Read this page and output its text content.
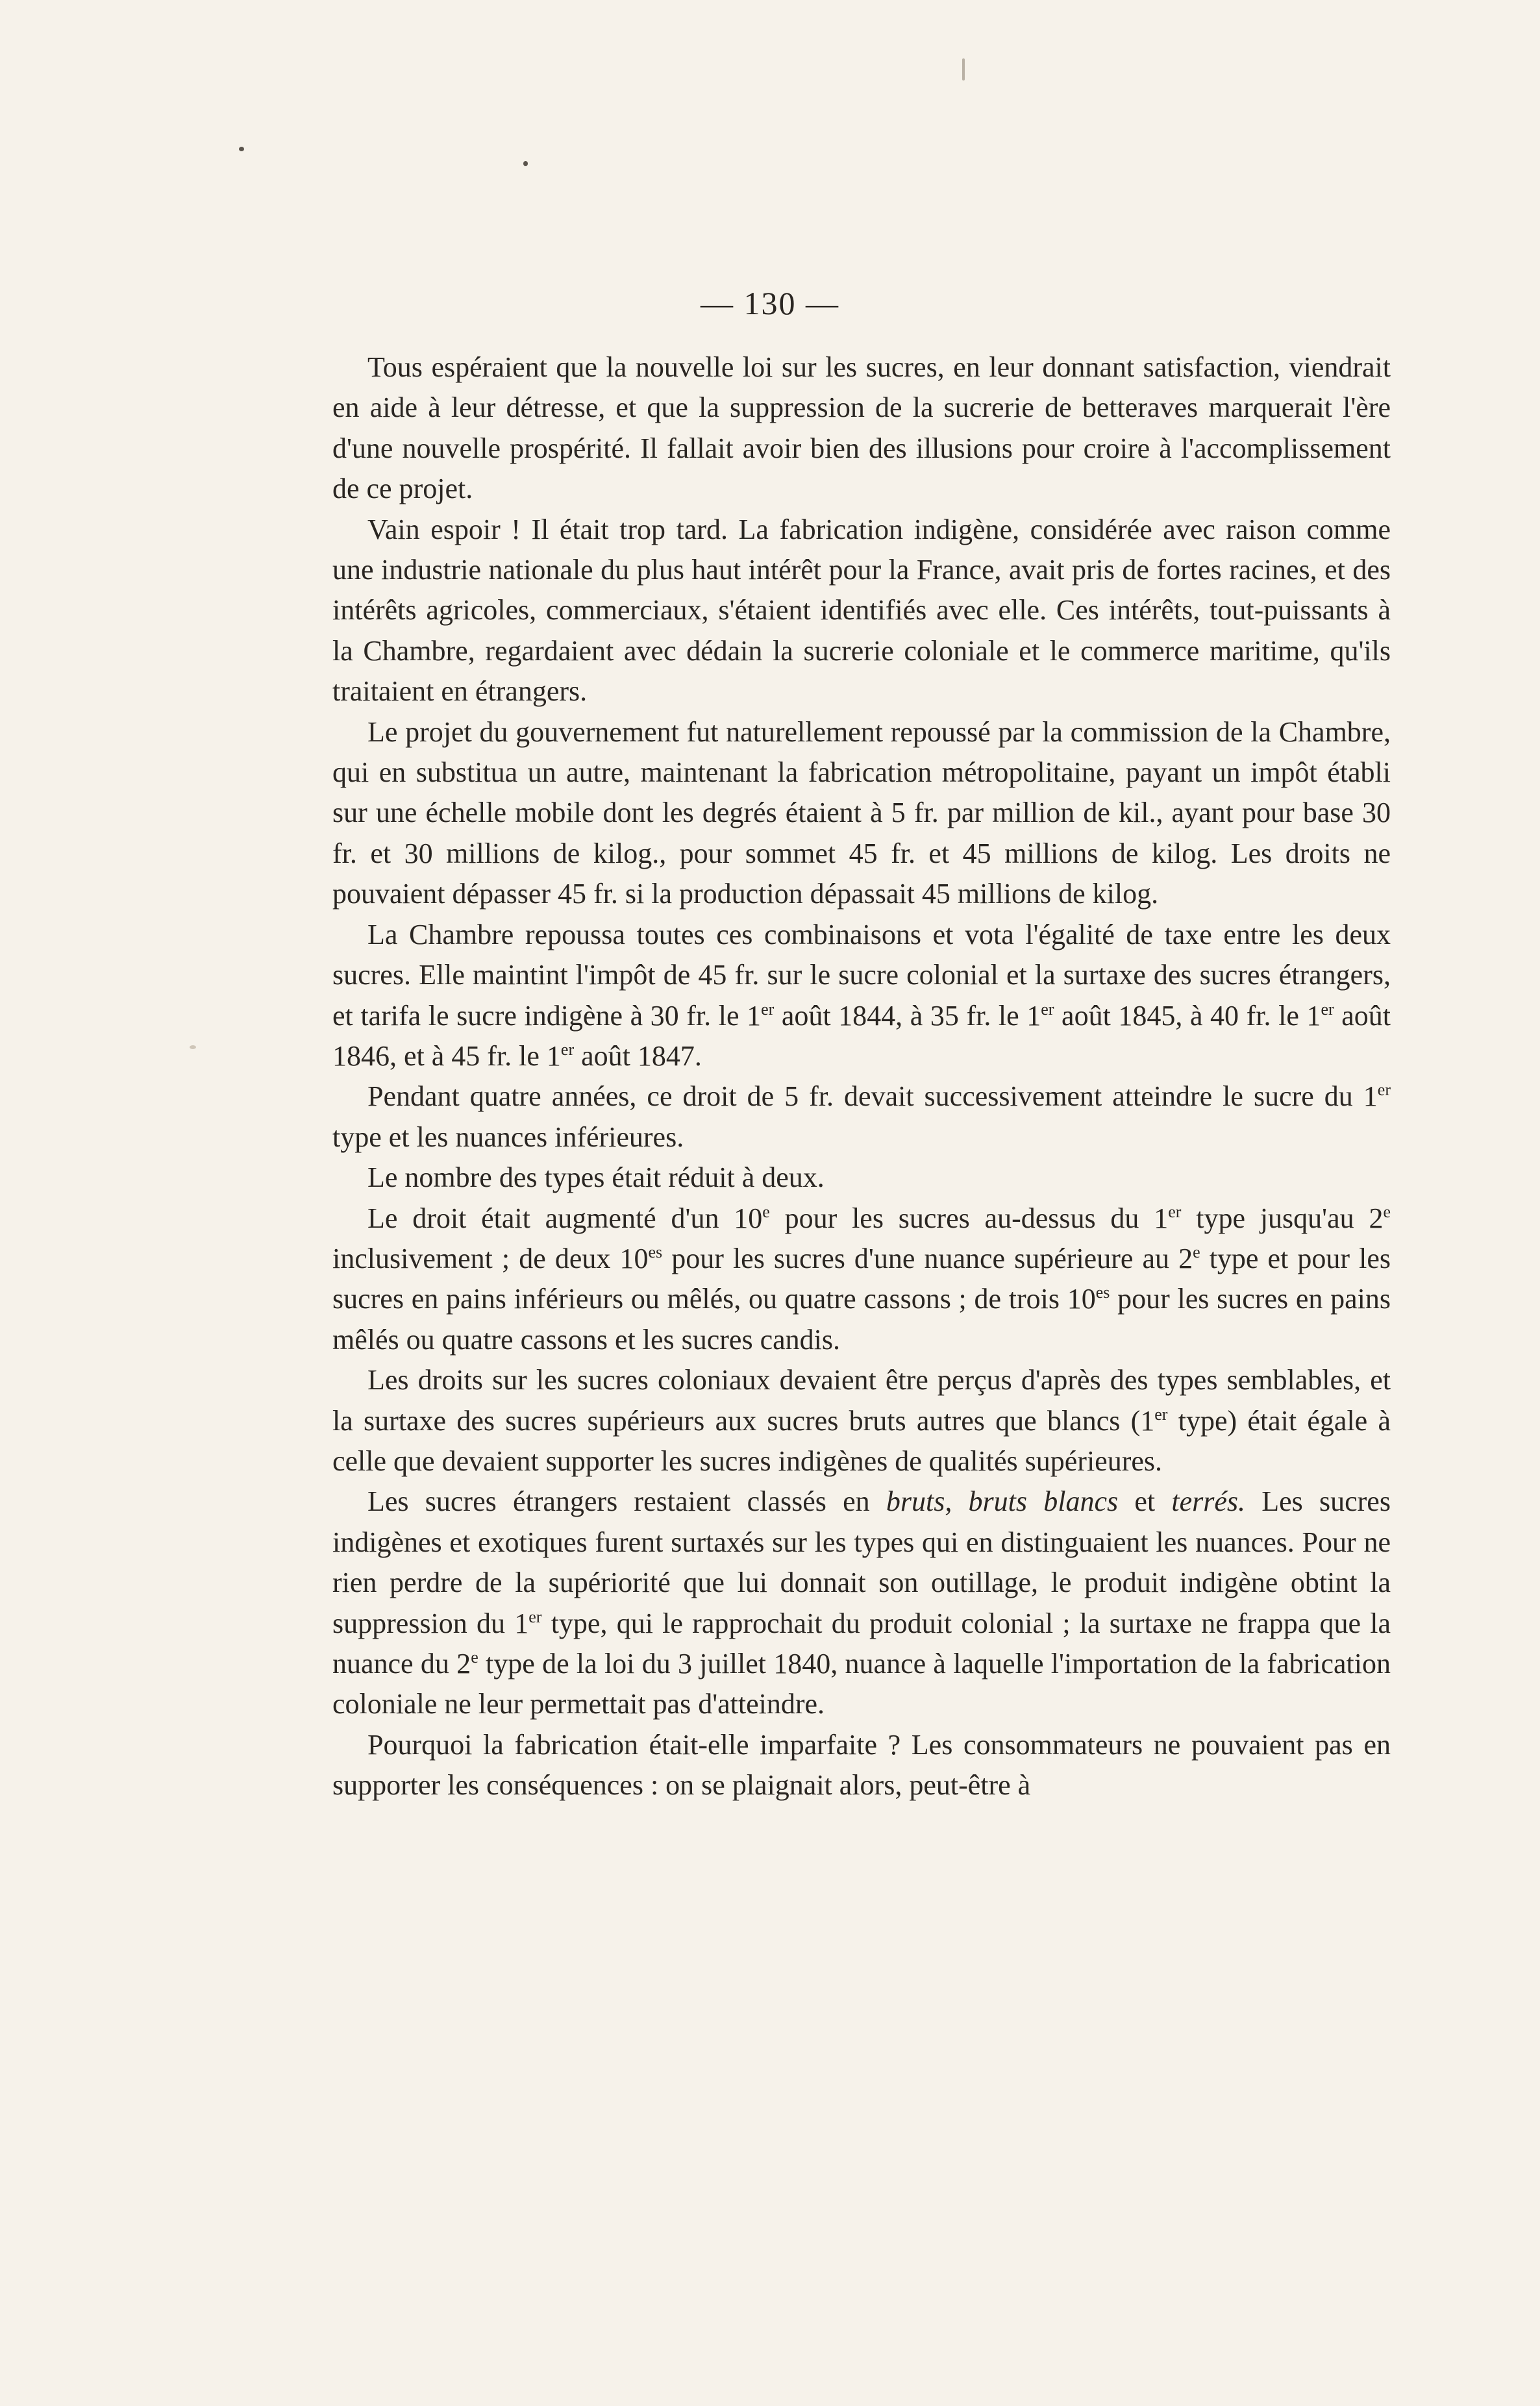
— 130 —

Tous espéraient que la nouvelle loi sur les sucres, en leur donnant satisfaction, viendrait en aide à leur détresse, et que la suppression de la sucrerie de betteraves marquerait l'ère d'une nouvelle prospérité. Il fallait avoir bien des illusions pour croire à l'accomplissement de ce projet.

Vain espoir ! Il était trop tard. La fabrication indigène, considérée avec raison comme une industrie nationale du plus haut intérêt pour la France, avait pris de fortes racines, et des intérêts agricoles, commerciaux, s'étaient identifiés avec elle. Ces intérêts, tout-puissants à la Chambre, regardaient avec dédain la sucrerie coloniale et le commerce maritime, qu'ils traitaient en étrangers.

Le projet du gouvernement fut naturellement repoussé par la commission de la Chambre, qui en substitua un autre, maintenant la fabrication métropolitaine, payant un impôt établi sur une échelle mobile dont les degrés étaient à 5 fr. par million de kil., ayant pour base 30 fr. et 30 millions de kilog., pour sommet 45 fr. et 45 millions de kilog. Les droits ne pouvaient dépasser 45 fr. si la production dépassait 45 millions de kilog.

La Chambre repoussa toutes ces combinaisons et vota l'égalité de taxe entre les deux sucres. Elle maintint l'impôt de 45 fr. sur le sucre colonial et la surtaxe des sucres étrangers, et tarifa le sucre indigène à 30 fr. le 1er août 1844, à 35 fr. le 1er août 1845, à 40 fr. le 1er août 1846, et à 45 fr. le 1er août 1847.

Pendant quatre années, ce droit de 5 fr. devait successivement atteindre le sucre du 1er type et les nuances inférieures.

Le nombre des types était réduit à deux.

Le droit était augmenté d'un 10e pour les sucres au-dessus du 1er type jusqu'au 2e inclusivement ; de deux $10^{es}$ pour les sucres d'une nuance supérieure au 2e type et pour les sucres en pains inférieurs ou mêlés, ou quatre cassons ; de trois $10^{es}$ pour les sucres en pains mêlés ou quatre cassons et les sucres candis.

Les droits sur les sucres coloniaux devaient être perçus d'après des types semblables, et la surtaxe des sucres supérieurs aux sucres bruts autres que blancs (1er type) était égale à celle que devaient supporter les sucres indigènes de qualités supérieures.

Les sucres étrangers restaient classés en bruts, bruts blancs et terrés. Les sucres indigènes et exotiques furent surtaxés sur les types qui en distinguaient les nuances. Pour ne rien perdre de la supériorité que lui donnait son outillage, le produit indigène obtint la suppression du 1er type, qui le rapprochait du produit colonial ; la surtaxe ne frappa que la nuance du 2e type de la loi du 3 juillet 1840, nuance à laquelle l'importation de la fabrication coloniale ne leur permettait pas d'atteindre.

Pourquoi la fabrication était-elle imparfaite ? Les consommateurs ne pouvaient pas en supporter les conséquences : on se plaignait alors, peut-être à
